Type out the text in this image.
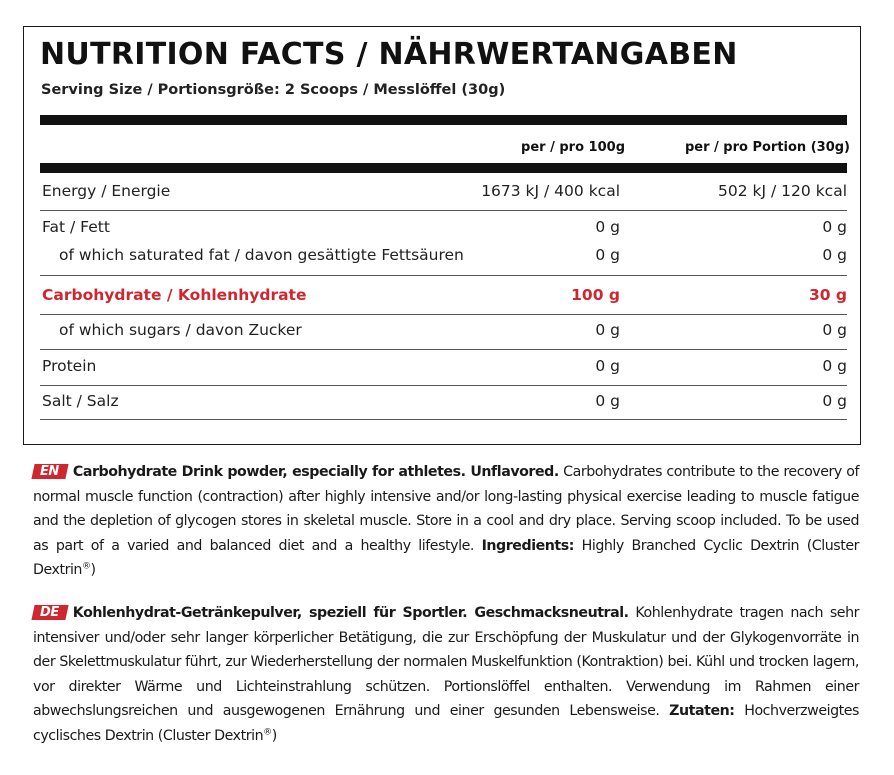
NUTRITION FACTS / NÄHRWERTANGABEN
Serving Size / Portionsgröße: 2 Scoops / Messlöffel (30g)
per / pro 100g	per / pro Portion (30g)
Energy / Energie	1673 kJ / 400 kcal	502 kJ / 120 kcal
Fat / Fett	0 g	0 g
of which saturated fat / davon gesättigte Fettsäuren	0 g	0 g
Carbohydrate / Kohlenhydrate	100 g	30 g
of which sugars / davon Zucker	0 g	0 g
Protein	0 g	0 g
Salt / Salz	0 g	0 g
EN Carbohydrate Drink powder, especially for athletes. Unflavored. Carbohydrates contribute to the recovery of normal muscle function (contraction) after highly intensive and/or long-lasting physical exercise leading to muscle fatigue and the depletion of glycogen stores in skeletal muscle. Store in a cool and dry place. Serving scoop included. To be used as part of a varied and balanced diet and a healthy lifestyle. Ingredients: Highly Branched Cyclic Dextrin (Cluster Dextrin®)
DE Kohlenhydrat-Getränkepulver, speziell für Sportler. Geschmacksneutral. Kohlenhydrate tragen nach sehr intensiver und/oder sehr langer körperlicher Betätigung, die zur Erschöpfung der Muskulatur und der Glykogenvorräte in der Skelettmuskulatur führt, zur Wiederherstellung der normalen Muskelfunktion (Kontraktion) bei. Kühl und trocken lagern, vor direkter Wärme und Lichteinstrahlung schützen. Portionslöffel enthalten. Verwendung im Rahmen einer abwechslungsreichen und ausgewogenen Ernährung und einer gesunden Lebensweise. Zutaten: Hochverzweigtes cyclisches Dextrin (Cluster Dextrin®)
